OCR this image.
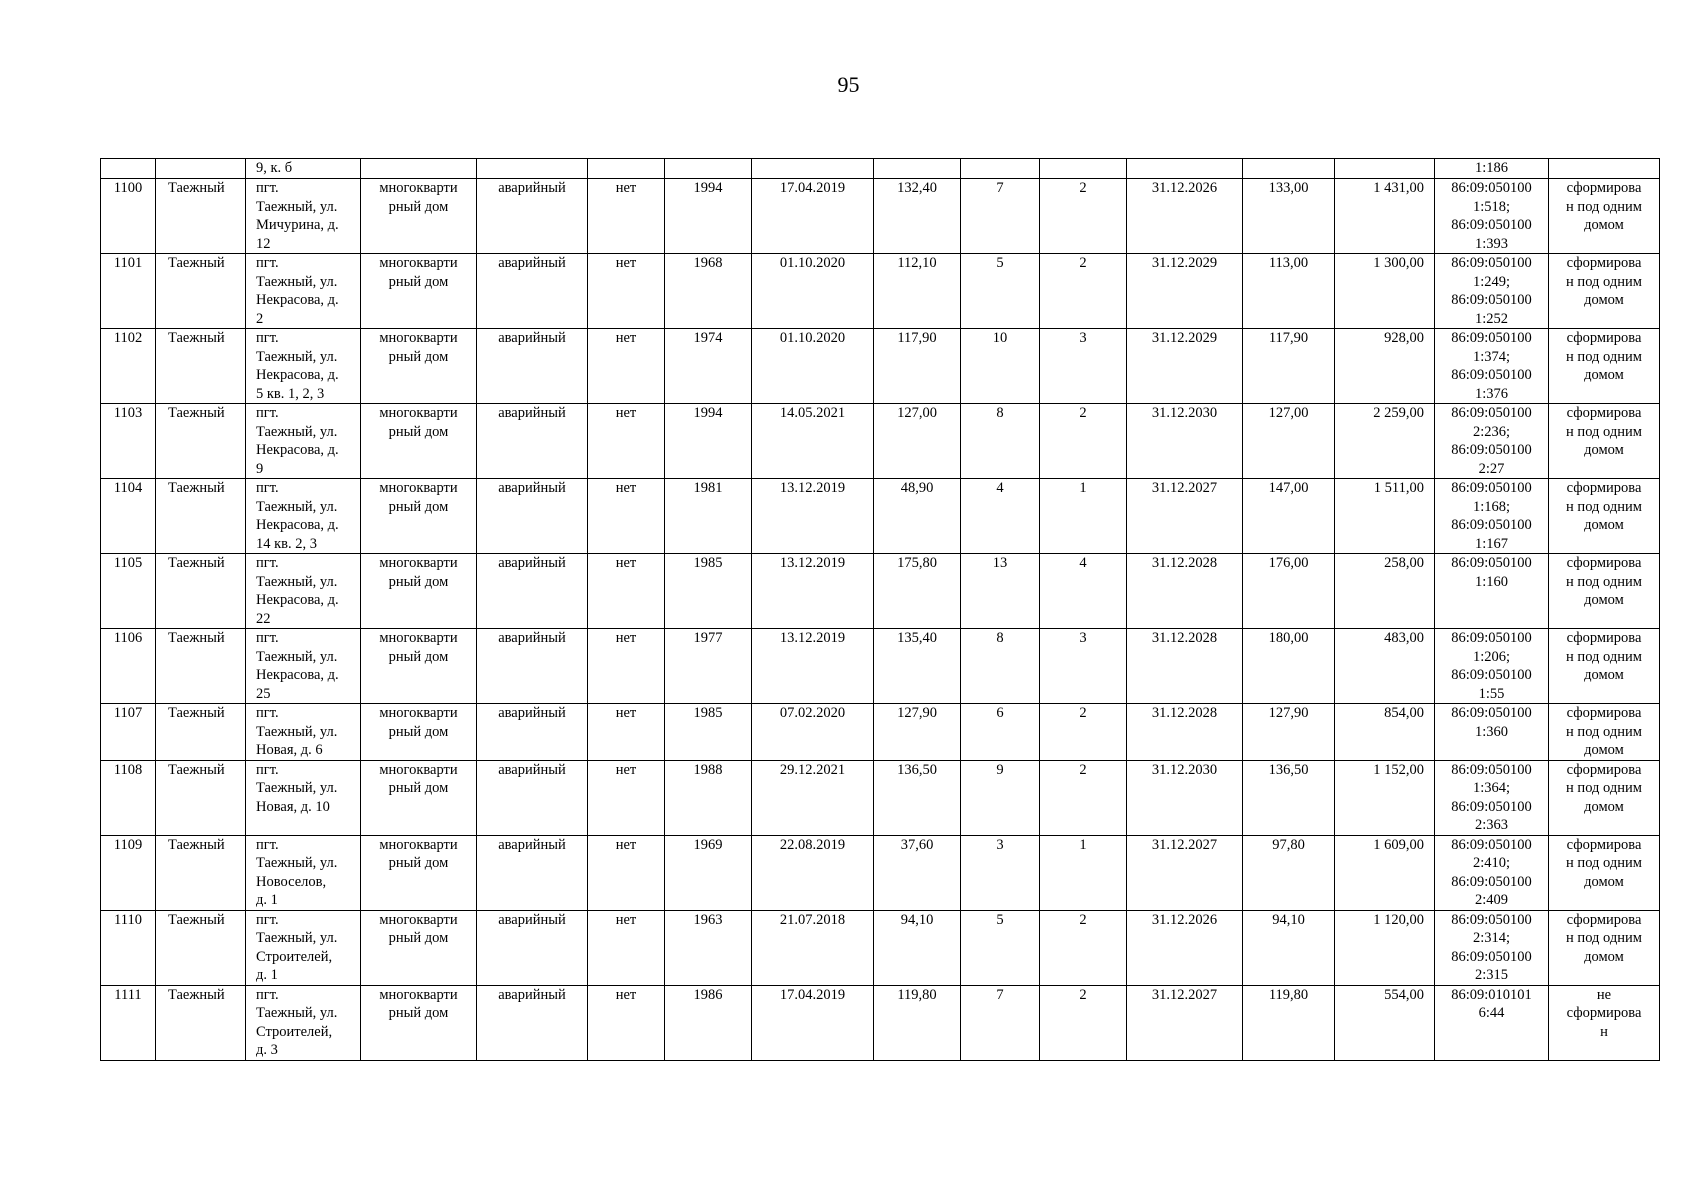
95
		9, к. б												1:186	
1100	Таежный	пгт.
Таежный, ул.
Мичурина, д.
12	многокварти
рный дом	аварийный	нет	1994	17.04.2019	132,40	7	2	31.12.2026	133,00	1 431,00	86:09:050100
1:518;
86:09:050100
1:393	сформирова
н под одним
домом
1101	Таежный	пгт.
Таежный, ул.
Некрасова, д.
2	многокварти
рный дом	аварийный	нет	1968	01.10.2020	112,10	5	2	31.12.2029	113,00	1 300,00	86:09:050100
1:249;
86:09:050100
1:252	сформирова
н под одним
домом
1102	Таежный	пгт.
Таежный, ул.
Некрасова, д.
5 кв. 1, 2, 3	многокварти
рный дом	аварийный	нет	1974	01.10.2020	117,90	10	3	31.12.2029	117,90	928,00	86:09:050100
1:374;
86:09:050100
1:376	сформирова
н под одним
домом
1103	Таежный	пгт.
Таежный, ул.
Некрасова, д.
9	многокварти
рный дом	аварийный	нет	1994	14.05.2021	127,00	8	2	31.12.2030	127,00	2 259,00	86:09:050100
2:236;
86:09:050100
2:27	сформирова
н под одним
домом
1104	Таежный	пгт.
Таежный, ул.
Некрасова, д.
14 кв. 2, 3	многокварти
рный дом	аварийный	нет	1981	13.12.2019	48,90	4	1	31.12.2027	147,00	1 511,00	86:09:050100
1:168;
86:09:050100
1:167	сформирова
н под одним
домом
1105	Таежный	пгт.
Таежный, ул.
Некрасова, д.
22	многокварти
рный дом	аварийный	нет	1985	13.12.2019	175,80	13	4	31.12.2028	176,00	258,00	86:09:050100
1:160	сформирова
н под одним
домом
1106	Таежный	пгт.
Таежный, ул.
Некрасова, д.
25	многокварти
рный дом	аварийный	нет	1977	13.12.2019	135,40	8	3	31.12.2028	180,00	483,00	86:09:050100
1:206;
86:09:050100
1:55	сформирова
н под одним
домом
1107	Таежный	пгт.
Таежный, ул.
Новая, д. 6	многокварти
рный дом	аварийный	нет	1985	07.02.2020	127,90	6	2	31.12.2028	127,90	854,00	86:09:050100
1:360	сформирова
н под одним
домом
1108	Таежный	пгт.
Таежный, ул.
Новая, д. 10	многокварти
рный дом	аварийный	нет	1988	29.12.2021	136,50	9	2	31.12.2030	136,50	1 152,00	86:09:050100
1:364;
86:09:050100
2:363	сформирова
н под одним
домом
1109	Таежный	пгт.
Таежный, ул.
Новоселов,
д. 1	многокварти
рный дом	аварийный	нет	1969	22.08.2019	37,60	3	1	31.12.2027	97,80	1 609,00	86:09:050100
2:410;
86:09:050100
2:409	сформирова
н под одним
домом
1110	Таежный	пгт.
Таежный, ул.
Строителей,
д. 1	многокварти
рный дом	аварийный	нет	1963	21.07.2018	94,10	5	2	31.12.2026	94,10	1 120,00	86:09:050100
2:314;
86:09:050100
2:315	сформирова
н под одним
домом
1111	Таежный	пгт.
Таежный, ул.
Строителей,
д. 3	многокварти
рный дом	аварийный	нет	1986	17.04.2019	119,80	7	2	31.12.2027	119,80	554,00	86:09:010101
6:44	не
сформирова
н
